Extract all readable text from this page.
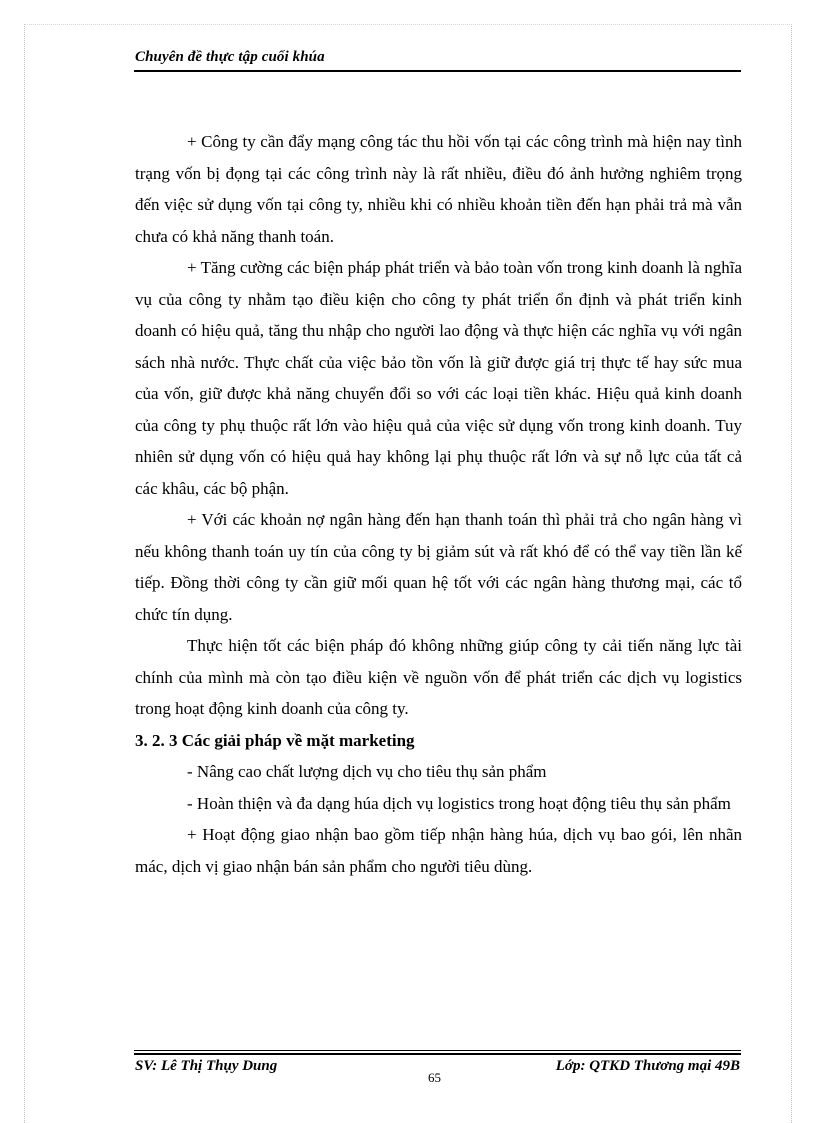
Chuyên đề thực tập cuối khúa

+ Công ty cần đẩy mạng công tác thu hồi vốn tại các công trình mà hiện nay tình trạng vốn bị đọng tại các công trình này là rất nhiều, điều đó ảnh hưởng nghiêm trọng đến việc sử dụng vốn tại công ty, nhiều khi có nhiều khoản tiền đến hạn phải trả mà vẫn chưa có khả năng thanh toán.

+ Tăng cường các biện pháp phát triển và bảo toàn vốn trong kinh doanh là nghĩa vụ của công ty nhằm tạo điều kiện cho công ty phát triển ổn định và phát triển kinh doanh có hiệu quả, tăng thu nhập cho người lao động và thực hiện các nghĩa vụ với ngân sách nhà nước. Thực chất của việc bảo tồn vốn là giữ được giá trị thực tế hay sức mua của vốn, giữ được khả năng chuyển đổi so với các loại tiền khác. Hiệu quả kinh doanh của công ty phụ thuộc rất lớn vào hiệu quả của việc sử dụng vốn trong kinh doanh. Tuy nhiên sử dụng vốn có hiệu quả hay không lại phụ thuộc rất lớn và sự nỗ lực của tất cả các khâu, các bộ phận.

+ Với các khoản nợ ngân hàng đến hạn thanh toán thì phải trả cho ngân hàng vì nếu không thanh toán uy tín của công ty bị giảm sút và rất khó để có thể vay tiền lần kế tiếp. Đồng thời công ty cần giữ mối quan hệ tốt với các ngân hàng thương mại, các tổ chức tín dụng.

Thực hiện tốt các biện pháp đó không những giúp công ty cải tiến năng lực tài chính của mình mà còn tạo điều kiện về nguồn vốn để phát triển các dịch vụ logistics trong hoạt động kinh doanh của công ty.

3. 2. 3 Các giải pháp về mặt marketing

- Nâng cao chất lượng dịch vụ cho tiêu thụ sản phẩm

- Hoàn thiện và đa dạng húa dịch vụ logistics trong hoạt động tiêu thụ sản phẩm

+ Hoạt động giao nhận bao gồm tiếp nhận hàng húa, dịch vụ bao gói, lên nhãn mác, dịch vị giao nhận bán sản phẩm cho người tiêu dùng.

SV: Lê Thị Thụy Dung	Lớp: QTKD Thương mại 49B
65
